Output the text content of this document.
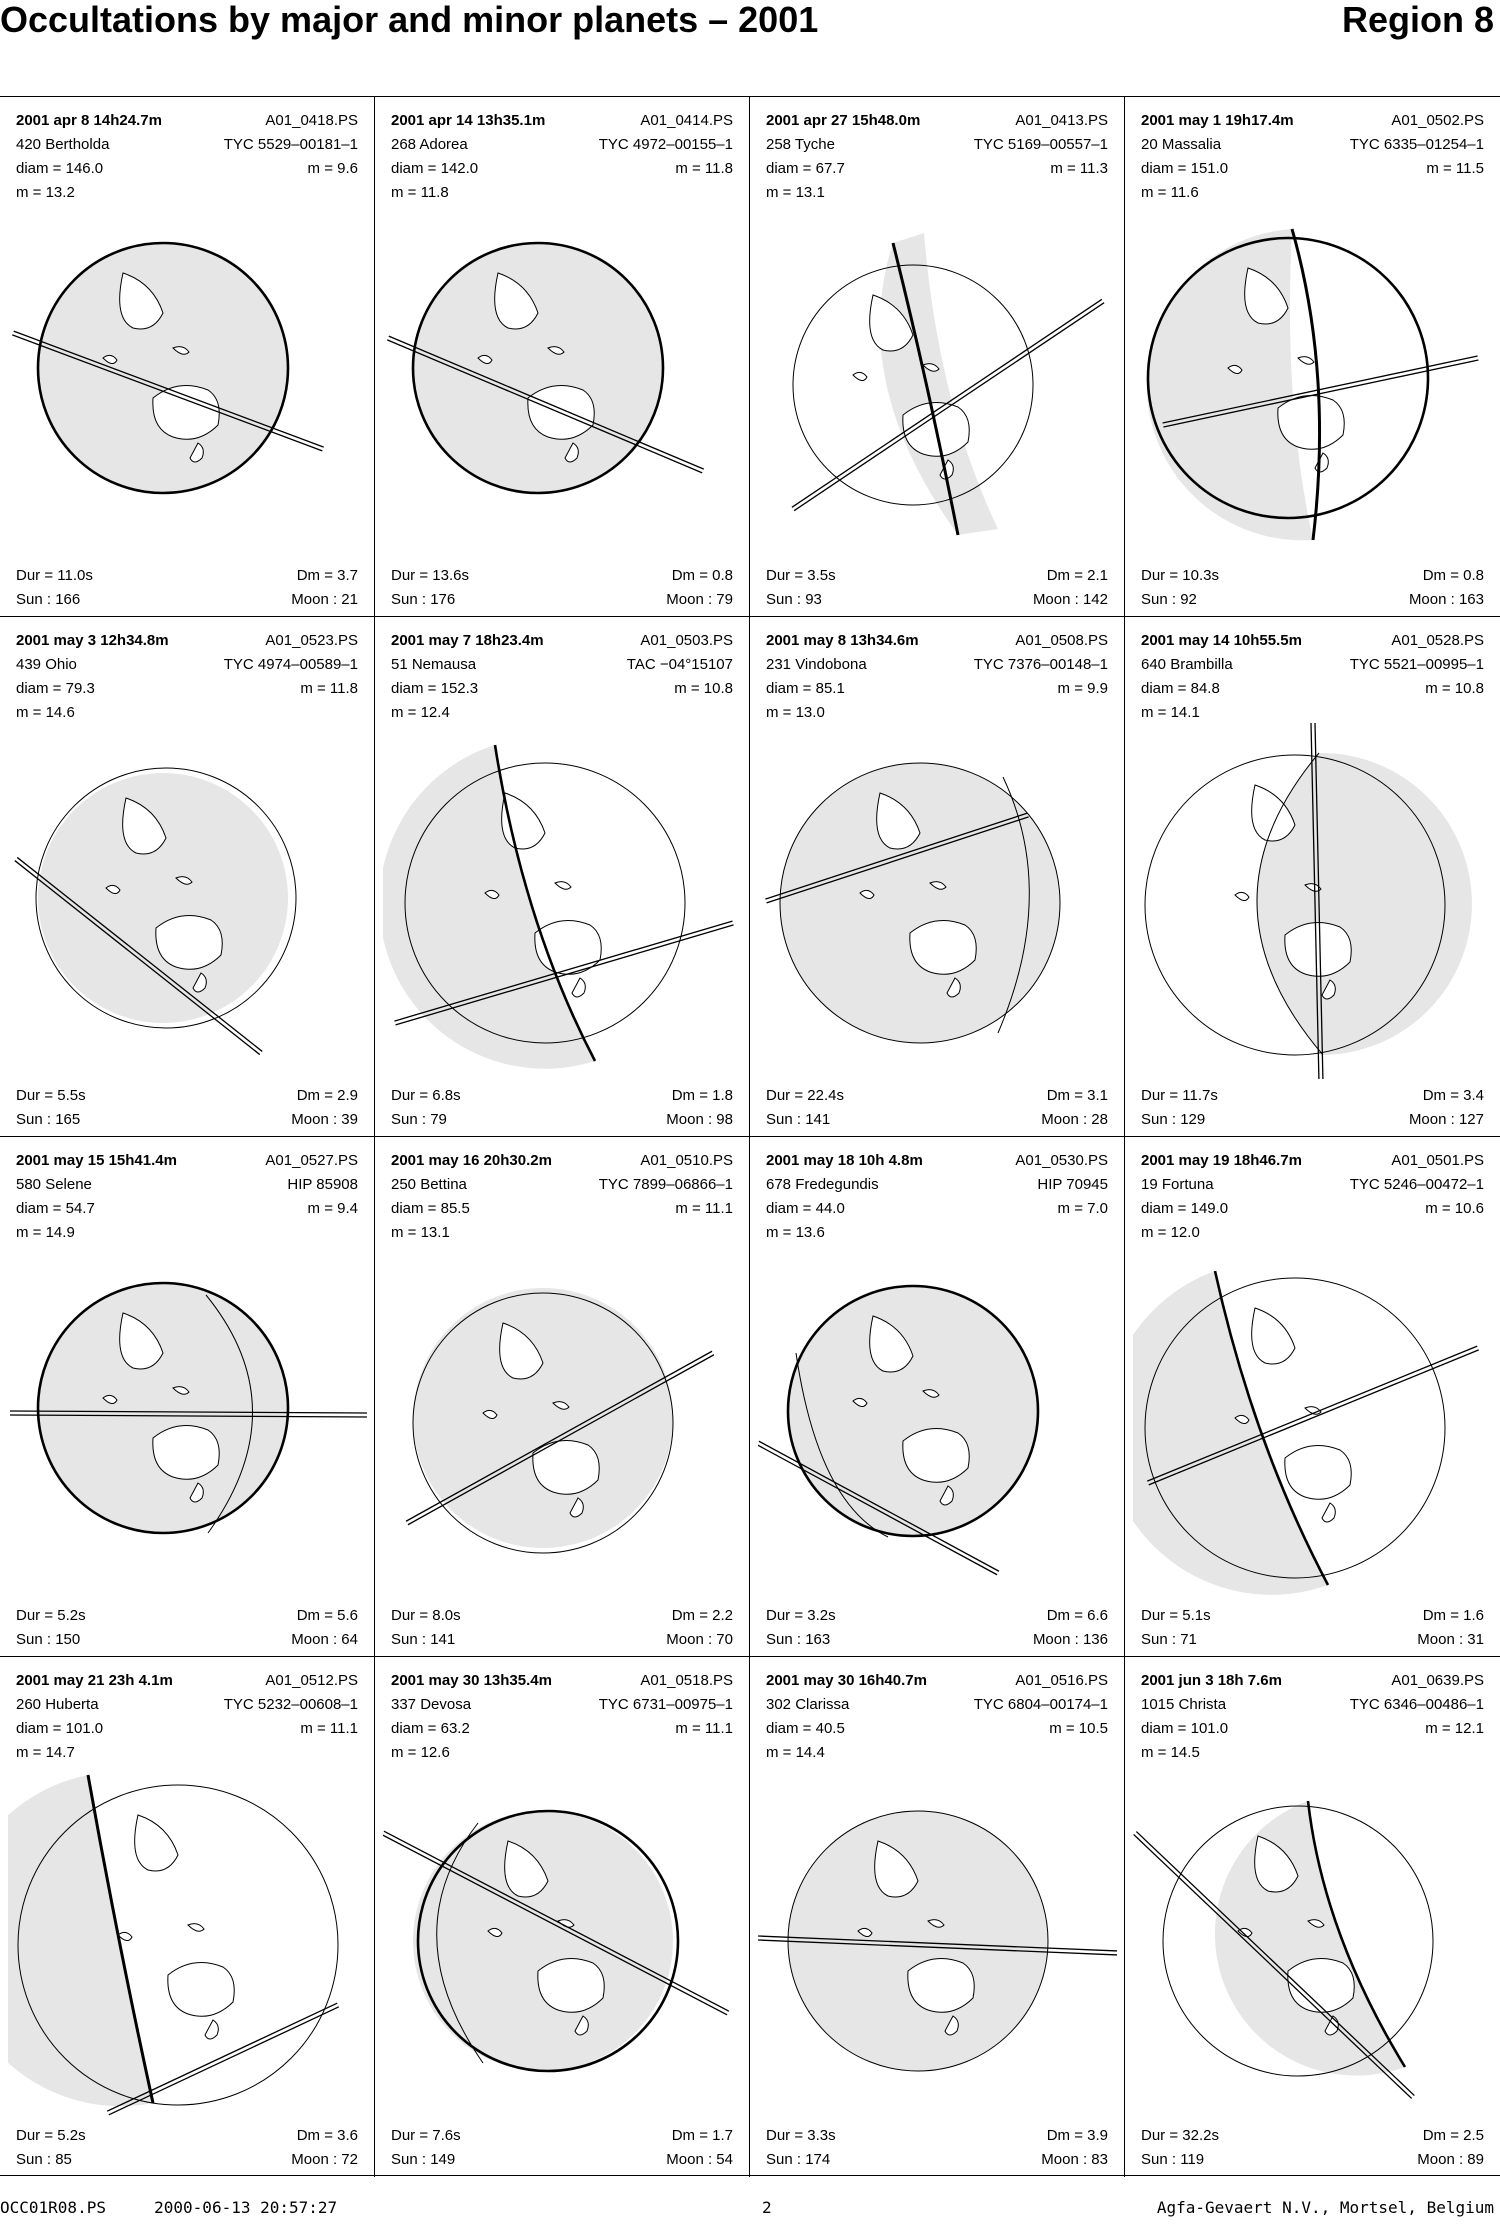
Occultations by major and minor planets – 2001	Region 8
2001 apr 8 14h24.7m	A01_0418.PS
420 Bertholda	TYC 5529–00181–1
diam = 146.0	m = 9.6
m = 13.2
Dur = 11.0s	Dm = 3.7
Sun : 166	Moon : 21
2001 apr 14 13h35.1m	A01_0414.PS
268 Adorea	TYC 4972–00155–1
diam = 142.0	m = 11.8
m = 11.8
Dur = 13.6s	Dm = 0.8
Sun : 176	Moon : 79
2001 apr 27 15h48.0m	A01_0413.PS
258 Tyche	TYC 5169–00557–1
diam = 67.7	m = 11.3
m = 13.1
Dur = 3.5s	Dm = 2.1
Sun : 93	Moon : 142
2001 may 1 19h17.4m	A01_0502.PS
20 Massalia	TYC 6335–01254–1
diam = 151.0	m = 11.5
m = 11.6
Dur = 10.3s	Dm = 0.8
Sun : 92	Moon : 163
2001 may 3 12h34.8m	A01_0523.PS
439 Ohio	TYC 4974–00589–1
diam = 79.3	m = 11.8
m = 14.6
Dur = 5.5s	Dm = 2.9
Sun : 165	Moon : 39
2001 may 7 18h23.4m	A01_0503.PS
51 Nemausa	TAC −04°15107
diam = 152.3	m = 10.8
m = 12.4
Dur = 6.8s	Dm = 1.8
Sun : 79	Moon : 98
2001 may 8 13h34.6m	A01_0508.PS
231 Vindobona	TYC 7376–00148–1
diam = 85.1	m = 9.9
m = 13.0
Dur = 22.4s	Dm = 3.1
Sun : 141	Moon : 28
2001 may 14 10h55.5m	A01_0528.PS
640 Brambilla	TYC 5521–00995–1
diam = 84.8	m = 10.8
m = 14.1
Dur = 11.7s	Dm = 3.4
Sun : 129	Moon : 127
2001 may 15 15h41.4m	A01_0527.PS
580 Selene	HIP 85908
diam = 54.7	m = 9.4
m = 14.9
Dur = 5.2s	Dm = 5.6
Sun : 150	Moon : 64
2001 may 16 20h30.2m	A01_0510.PS
250 Bettina	TYC 7899–06866–1
diam = 85.5	m = 11.1
m = 13.1
Dur = 8.0s	Dm = 2.2
Sun : 141	Moon : 70
2001 may 18 10h 4.8m	A01_0530.PS
678 Fredegundis	HIP 70945
diam = 44.0	m = 7.0
m = 13.6
Dur = 3.2s	Dm = 6.6
Sun : 163	Moon : 136
2001 may 19 18h46.7m	A01_0501.PS
19 Fortuna	TYC 5246–00472–1
diam = 149.0	m = 10.6
m = 12.0
Dur = 5.1s	Dm = 1.6
Sun : 71	Moon : 31
2001 may 21 23h 4.1m	A01_0512.PS
260 Huberta	TYC 5232–00608–1
diam = 101.0	m = 11.1
m = 14.7
Dur = 5.2s	Dm = 3.6
Sun : 85	Moon : 72
2001 may 30 13h35.4m	A01_0518.PS
337 Devosa	TYC 6731–00975–1
diam = 63.2	m = 11.1
m = 12.6
Dur = 7.6s	Dm = 1.7
Sun : 149	Moon : 54
2001 may 30 16h40.7m	A01_0516.PS
302 Clarissa	TYC 6804–00174–1
diam = 40.5	m = 10.5
m = 14.4
Dur = 3.3s	Dm = 3.9
Sun : 174	Moon : 83
2001 jun 3 18h 7.6m	A01_0639.PS
1015 Christa	TYC 6346–00486–1
diam = 101.0	m = 12.1
m = 14.5
Dur = 32.2s	Dm = 2.5
Sun : 119	Moon : 89
OCC01R08.PS	2000-06-13 20:57:27	2	Agfa-Gevaert N.V., Mortsel, Belgium
